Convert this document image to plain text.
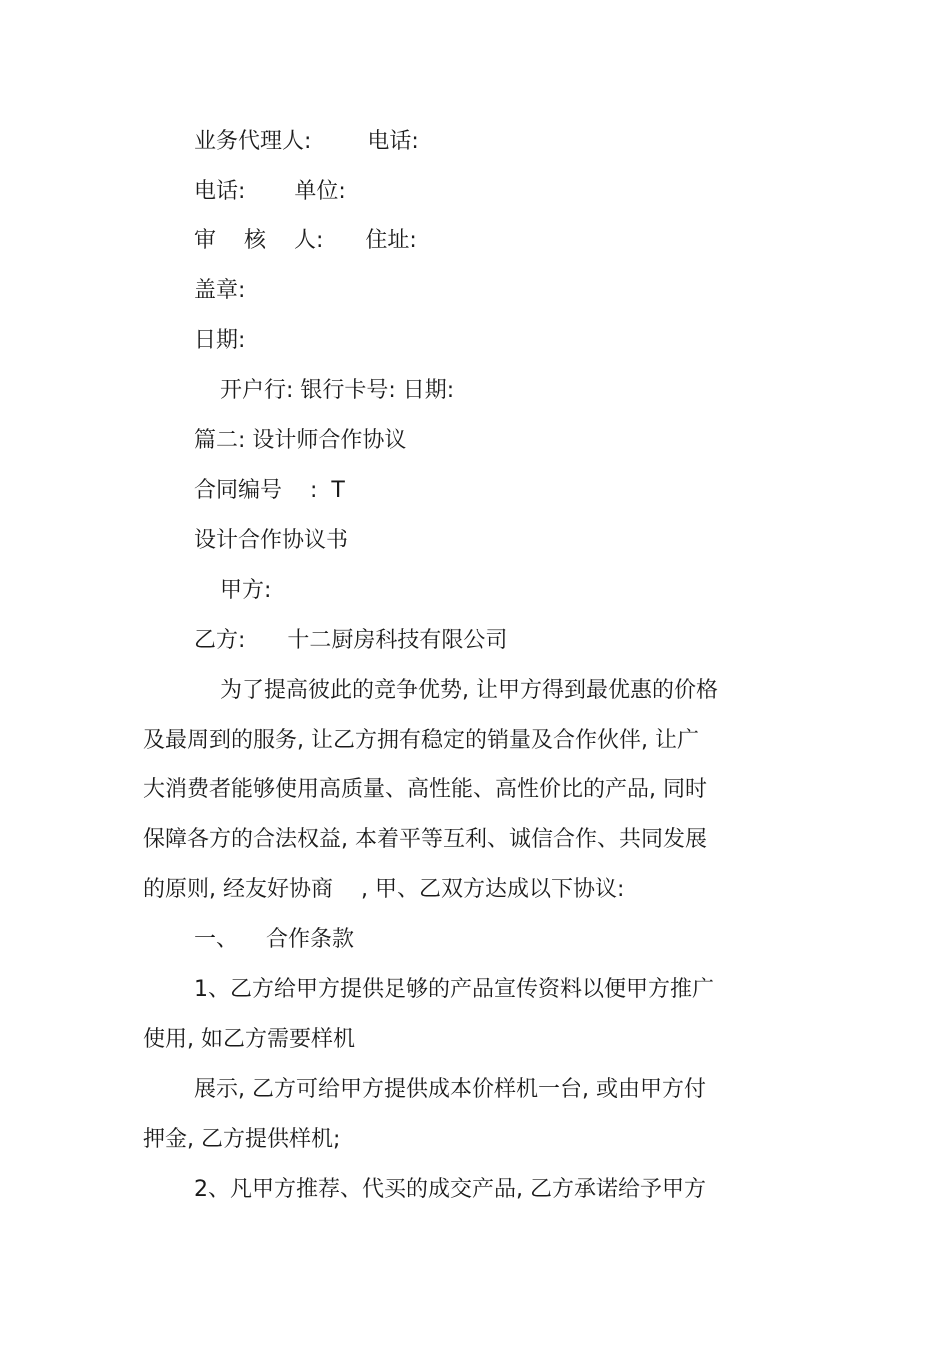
业务代理人:        电话:

电话:       单位:

审    核    人:      住址:

盖章:

日期:

开户行: 银行卡号: 日期:

篇二: 设计师合作协议

合同编号    :  T

设计合作协议书

甲方:

乙方:      十二厨房科技有限公司

为了提高彼此的竞争优势, 让甲方得到最优惠的价格

及最周到的服务, 让乙方拥有稳定的销量及合作伙伴, 让广

大消费者能够使用高质量、高性能、高性价比的产品, 同时

保障各方的合法权益, 本着平等互利、诚信合作、共同发展

的原则, 经友好协商    , 甲、乙双方达成以下协议:

一、    合作条款

1、乙方给甲方提供足够的产品宣传资料以便甲方推广

使用, 如乙方需要样机

展示, 乙方可给甲方提供成本价样机一台, 或由甲方付

押金, 乙方提供样机;

2、凡甲方推荐、代买的成交产品, 乙方承诺给予甲方
